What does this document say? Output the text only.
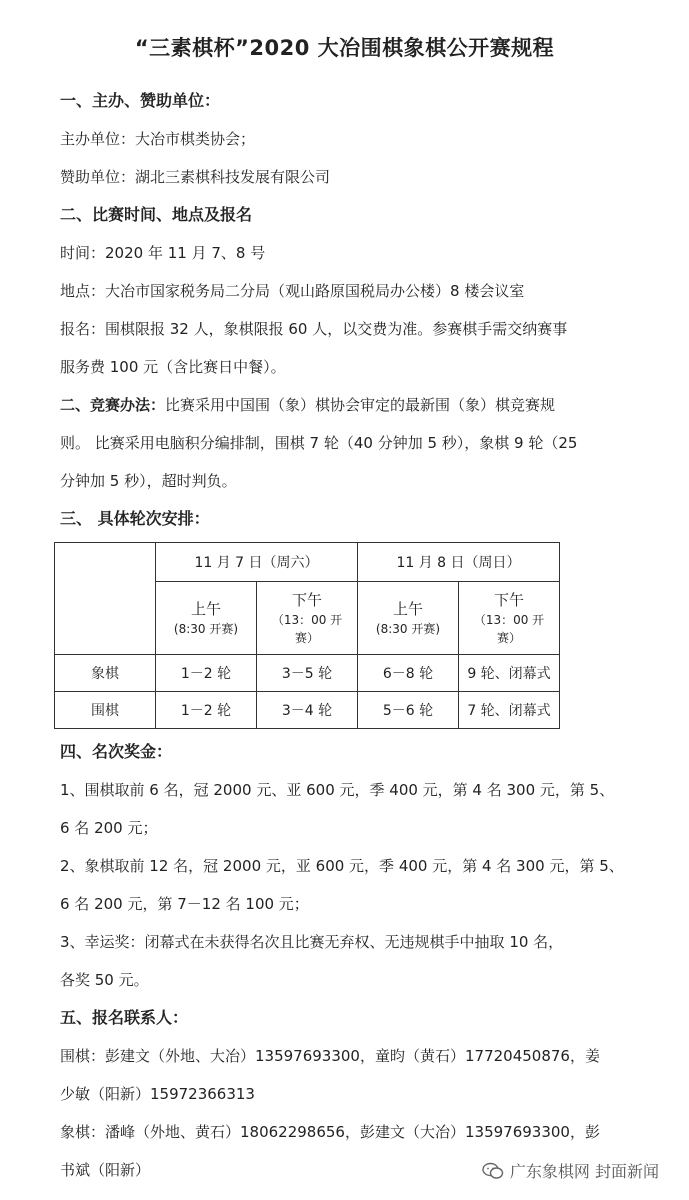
“三素棋杯”2020 大冶围棋象棋公开赛规程
一、主办、赞助单位：
主办单位：大冶市棋类协会；
赞助单位：湖北三素棋科技发展有限公司
二、比赛时间、地点及报名
时间：2020 年 11 月 7、8 号
地点：大冶市国家税务局二分局（观山路原国税局办公楼）8 楼会议室
报名：围棋限报 32 人，象棋限报 60 人，以交费为准。参赛棋手需交纳赛事
服务费 100 元（含比赛日中餐）。
二、竞赛办法：比赛采用中国围（象）棋协会审定的最新围（象）棋竞赛规
则。 比赛采用电脑积分编排制，围棋 7 轮（40 分钟加 5 秒），象棋 9 轮（25
分钟加 5 秒），超时判负。
三、 具体轮次安排：
	11 月 7 日（周六）		11 月 8 日（周日）	

	上午
(8:30 开赛)	下午
（13：00 开
赛）	上午
(8:30 开赛)	下午
（13：00 开
赛）

象棋	1－2 轮	3－5 轮	6－8 轮	9 轮、闭幕式
围棋	1－2 轮	3－4 轮	5－6 轮	7 轮、闭幕式
四、名次奖金：
1、围棋取前 6 名，冠 2000 元、亚 600 元，季 400 元，第 4 名 300 元，第 5、
6 名 200 元；
2、象棋取前 12 名，冠 2000 元，亚 600 元，季 400 元，第 4 名 300 元，第 5、
6 名 200 元，第 7－12 名 100 元；
3、幸运奖：闭幕式在未获得名次且比赛无弃权、无违规棋手中抽取 10 名，
各奖 50 元。
五、报名联系人：
围棋：彭建文（外地、大冶）13597693300，童昀（黄石）17720450876，姜
少敏（阳新）15972366313
象棋：潘峰（外地、黄石）18062298656，彭建文（大冶）13597693300，彭
书斌（阳新）	广东象棋网 封面新闻
